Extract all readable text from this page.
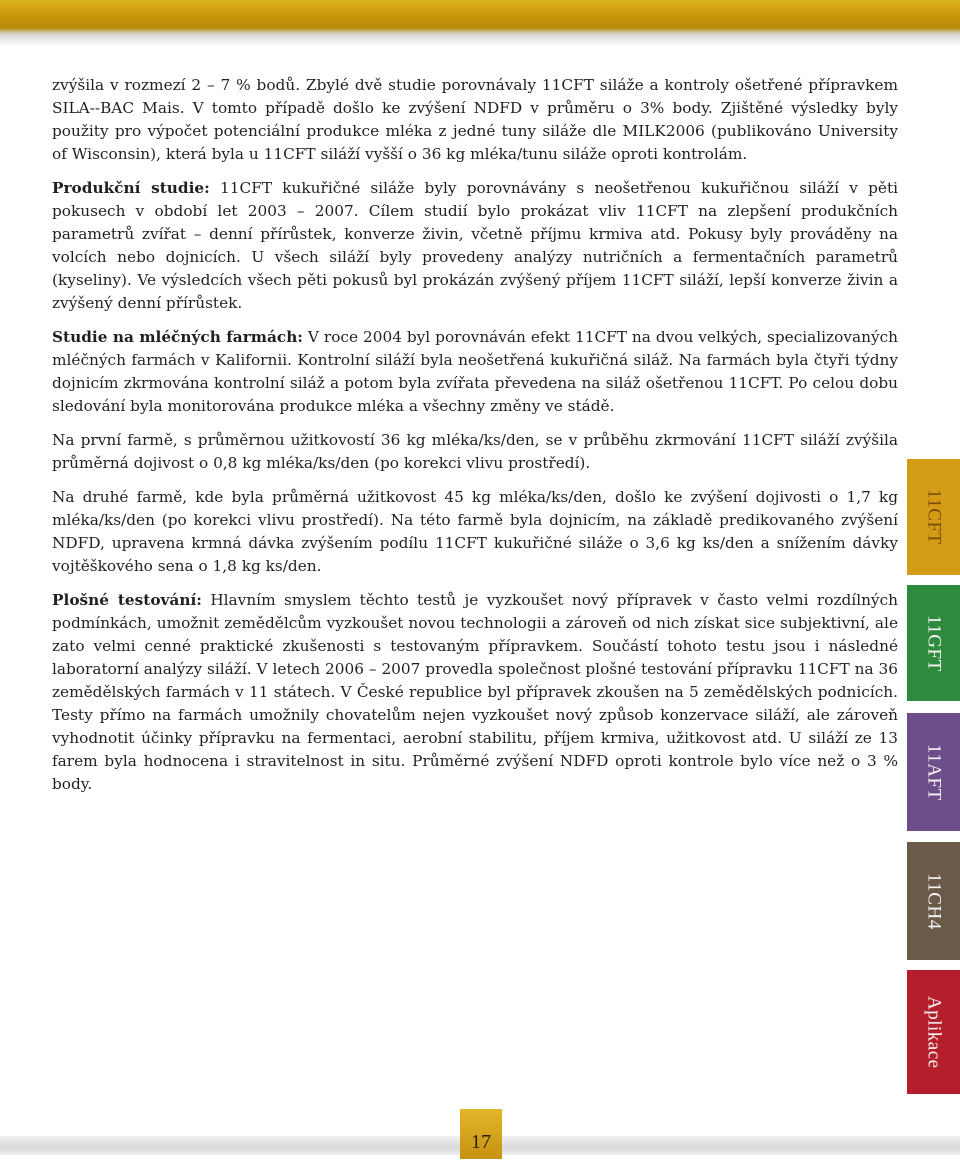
zvýšila v rozmezí 2 – 7 % bodů. Zbylé dvě studie porovnávaly 11CFT siláže a kontroly ošetřené přípravkem SILA--BAC Mais. V tomto případě došlo ke zvýšení NDFD v průměru o 3% body. Zjištěné výsledky byly použity pro výpočet potenciální produkce mléka z jedné tuny siláže dle MILK2006 (publikováno University of Wisconsin), která byla u 11CFT siláží vyšší o 36 kg mléka/tunu siláže oproti kontrolám.

Produkční studie: 11CFT kukuřičné siláže byly porovnávány s neošetřenou kukuřičnou siláží v pěti pokusech v období let 2003 – 2007. Cílem studií bylo prokázat vliv 11CFT na zlepšení produkčních parametrů zvířat – denní přírůstek, konverze živin, včetně příjmu krmiva atd. Pokusy byly prováděny na volcích nebo dojnicích. U všech siláží byly provedeny analýzy nutričních a fermentačních parametrů (kyseliny). Ve výsledcích všech pěti pokusů byl prokázán zvýšený příjem 11CFT siláží, lepší konverze živin a zvýšený denní přírůstek.

Studie na mléčných farmách: V roce 2004 byl porovnáván efekt 11CFT na dvou velkých, specializovaných mléčných farmách v Kalifornii. Kontrolní siláží byla neošetřená kukuřičná siláž. Na farmách byla čtyři týdny dojnicím zkrmována kontrolní siláž a potom byla zvířata převedena na siláž ošetřenou 11CFT. Po celou dobu sledování byla monitorována produkce mléka a všechny změny ve stádě.

Na první farmě, s průměrnou užitkovostí 36 kg mléka/ks/den, se v průběhu zkrmování 11CFT siláží zvýšila průměrná dojivost o 0,8 kg mléka/ks/den (po korekci vlivu prostředí).

Na druhé farmě, kde byla průměrná užitkovost 45 kg mléka/ks/den, došlo ke zvýšení dojivosti o 1,7 kg mléka/ks/den (po korekci vlivu prostředí). Na této farmě byla dojnicím, na základě predikovaného zvýšení NDFD, upravena krmná dávka zvýšením podílu 11CFT kukuřičné siláže o 3,6 kg ks/den a snížením dávky vojtěškového sena o 1,8 kg ks/den.

Plošné testování: Hlavním smyslem těchto testů je vyzkoušet nový přípravek v často velmi rozdílných podmínkách, umožnit zemědělcům vyzkoušet novou technologii a zároveň od nich získat sice subjektivní, ale zato velmi cenné praktické zkušenosti s testovaným přípravkem. Součástí tohoto testu jsou i následné laboratorní analýzy siláží. V letech 2006 – 2007 provedla společnost plošné testování přípravku 11CFT na 36 zemědělských farmách v 11 státech. V České republice byl přípravek zkoušen na 5 zemědělských podnicích. Testy přímo na farmách umožnily chovatelům nejen vyzkoušet nový způsob konzervace siláží, ale zároveň vyhodnotit účinky přípravku na fermentaci, aerobní stabilitu, příjem krmiva, užitkovost atd. U siláží ze 13 farem byla hodnocena i stravitelnost in situ. Průměrné zvýšení NDFD oproti kontrole bylo více než o 3 % body.

11CFT
11GFT
11AFT
11CH4
Aplikace
17
